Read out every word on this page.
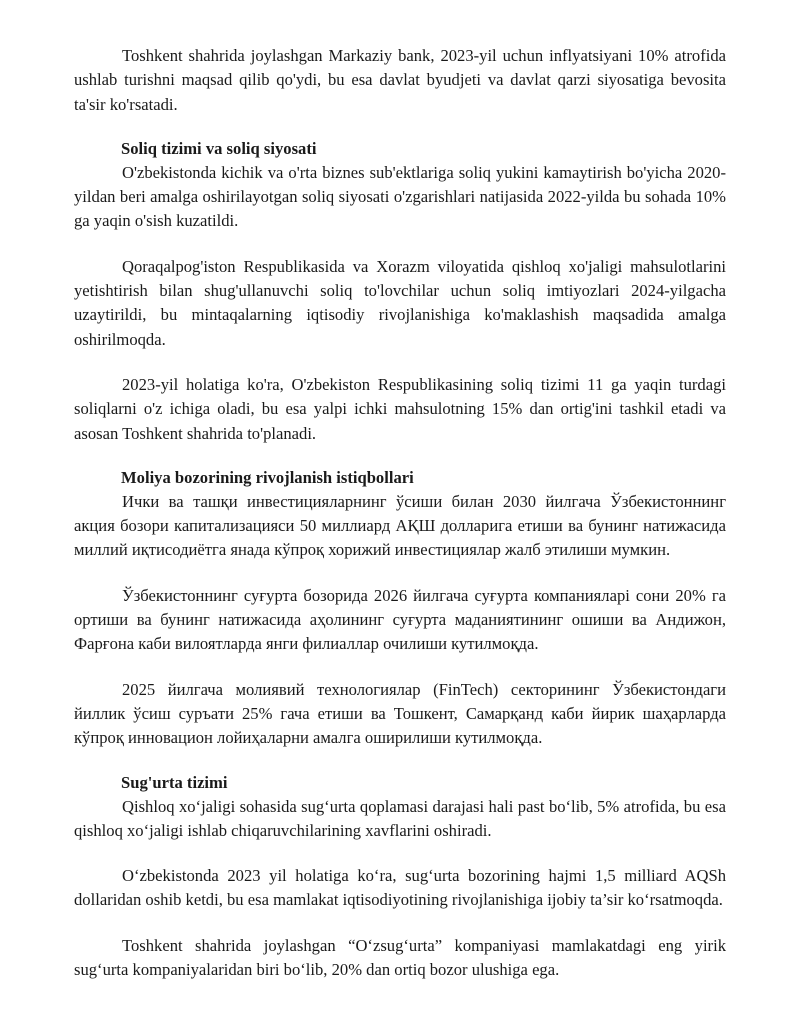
Toshkent shahrida joylashgan Markaziy bank, 2023-yil uchun inflyatsiyani 10% atrofida ushlab turishni maqsad qilib qo'ydi, bu esa davlat byudjeti va davlat qarzi siyosatiga bevosita ta'sir ko'rsatadi.

Soliq tizimi va soliq siyosati

O'zbekistonda kichik va o'rta biznes sub'ektlariga soliq yukini kamaytirish bo'yicha 2020-yildan beri amalga oshirilayotgan soliq siyosati o'zgarishlari natijasida 2022-yilda bu sohada 10% ga yaqin o'sish kuzatildi.

Qoraqalpog'iston Respublikasida va Xorazm viloyatida qishloq xo'jaligi mahsulotlarini yetishtirish bilan shug'ullanuvchi soliq to'lovchilar uchun soliq imtiyozlari 2024-yilgacha uzaytirildi, bu mintaqalarning iqtisodiy rivojlanishiga ko'maklashish maqsadida amalga oshirilmoqda.

2023-yil holatiga ko'ra, O'zbekiston Respublikasining soliq tizimi 11 ga yaqin turdagi soliqlarni o'z ichiga oladi, bu esa yalpi ichki mahsulotning 15% dan ortig'ini tashkil etadi va asosan Toshkent shahrida to'planadi.

Moliya bozorining rivojlanish istiqbollari

Ички ва ташқи инвестицияларнинг ўсиши билан 2030 йилгача Ўзбекистоннинг акция бозори капитализацияси 50 миллиард АҚШ долларига етиши ва бунинг натижасида миллий иқтисодиётга янада кўпроқ хорижий инвестициялар жалб этилиши мумкин.

Ўзбекистоннинг суғурта бозорида 2026 йилгача суғурта компанияларi сони 20% га ортиши ва бунинг натижасида аҳолининг суғурта маданиятининг ошиши ва Андижон, Фарғона каби вилоятларда янги филиаллар очилиши кутилмоқда.

2025 йилгача молиявий технологиялар (FinTech) секторининг Ўзбекистондаги йиллик ўсиш суръати 25% гача етиши ва Тошкент, Самарқанд каби йирик шаҳарларда кўпроқ инновацион лойиҳаларни амалга оширилиши кутилмоқда.

Sug'urta tizimi

Qishloq xo‘jaligi sohasida sug‘urta qoplamasi darajasi hali past bo‘lib, 5% atrofida, bu esa qishloq xo‘jaligi ishlab chiqaruvchilarining xavflarini oshiradi.

O‘zbekistonda 2023 yil holatiga ko‘ra, sug‘urta bozorining hajmi 1,5 milliard AQSh dollaridan oshib ketdi, bu esa mamlakat iqtisodiyotining rivojlanishiga ijobiy ta’sir ko‘rsatmoqda.

Toshkent shahrida joylashgan “O‘zsug‘urta” kompaniyasi mamlakatdagi eng yirik sug‘urta kompaniyalaridan biri bo‘lib, 20% dan ortiq bozor ulushiga ega.
